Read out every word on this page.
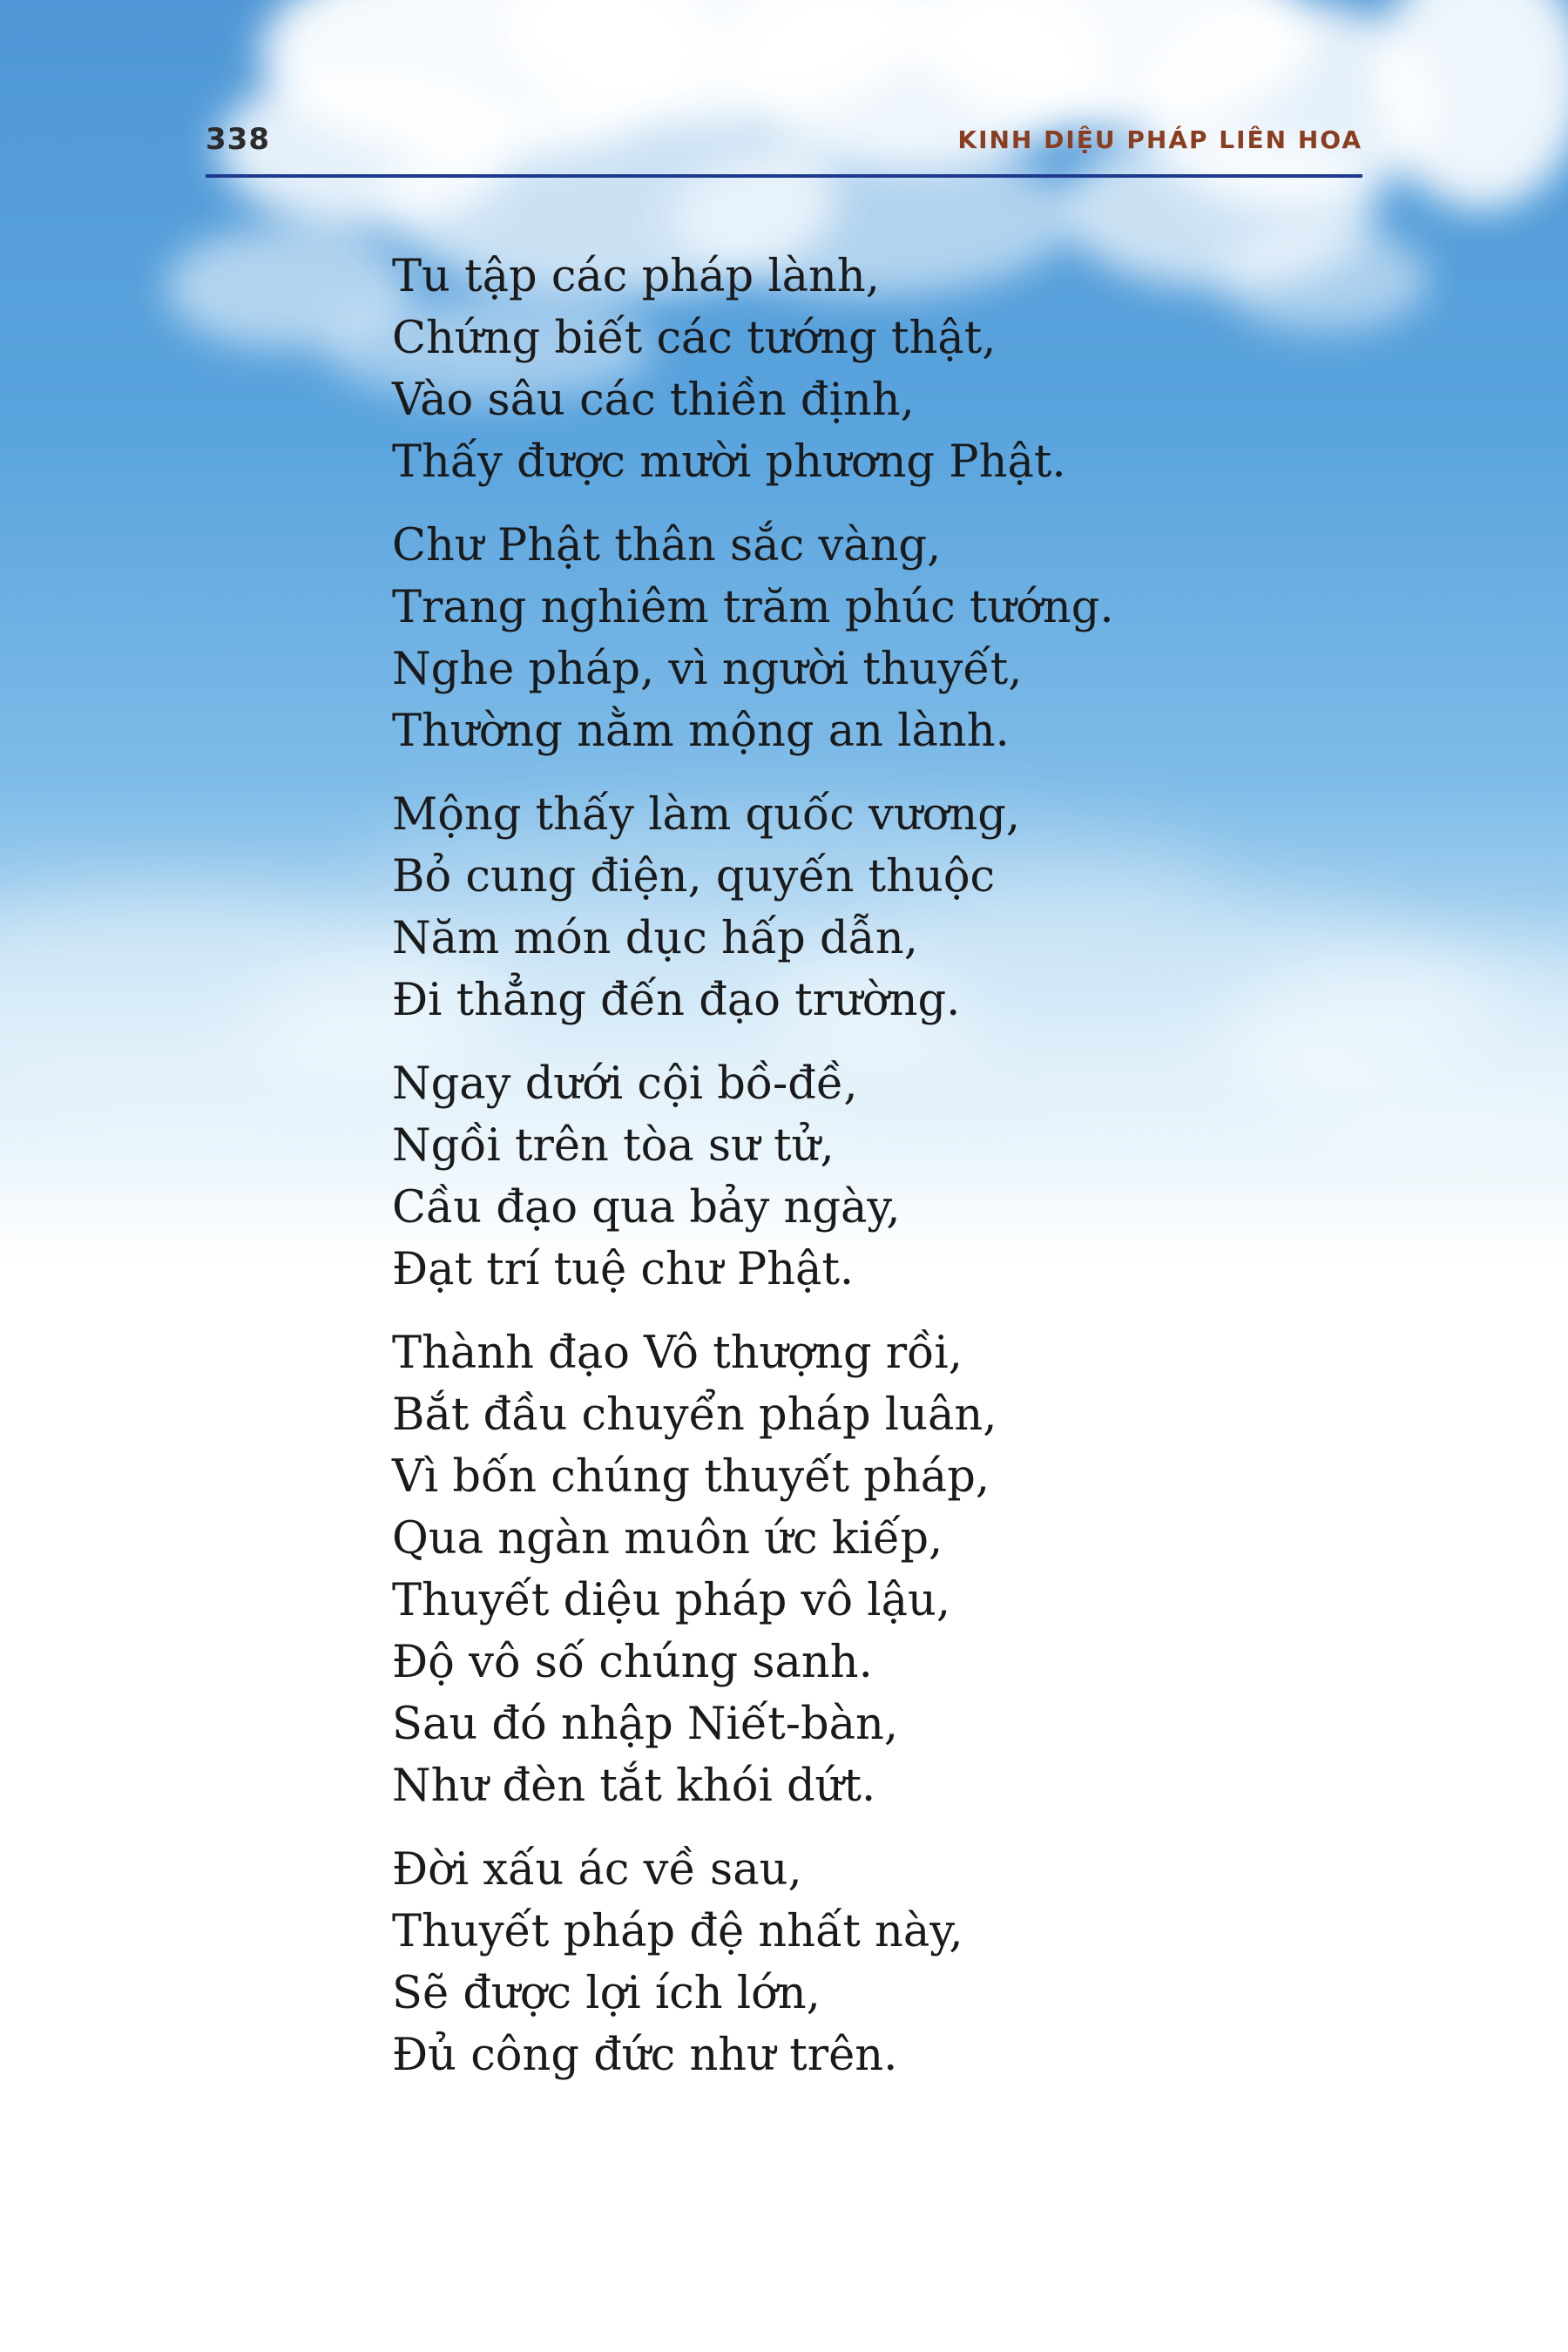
338	KINH DIỆU PHÁP LIÊN HOA
Tu tập các pháp lành,
Chứng biết các tướng thật,
Vào sâu các thiền định,
Thấy được mười phương Phật.
Chư Phật thân sắc vàng,
Trang nghiêm trăm phúc tướng.
Nghe pháp, vì người thuyết,
Thường nằm mộng an lành.
Mộng thấy làm quốc vương,
Bỏ cung điện, quyến thuộc
Năm món dục hấp dẫn,
Đi thẳng đến đạo trường.
Ngay dưới cội bồ-đề,
Ngồi trên tòa sư tử,
Cầu đạo qua bảy ngày,
Đạt trí tuệ chư Phật.
Thành đạo Vô thượng rồi,
Bắt đầu chuyển pháp luân,
Vì bốn chúng thuyết pháp,
Qua ngàn muôn ức kiếp,
Thuyết diệu pháp vô lậu,
Độ vô số chúng sanh.
Sau đó nhập Niết-bàn,
Như đèn tắt khói dứt.
Đời xấu ác về sau,
Thuyết pháp đệ nhất này,
Sẽ được lợi ích lớn,
Đủ công đức như trên.
